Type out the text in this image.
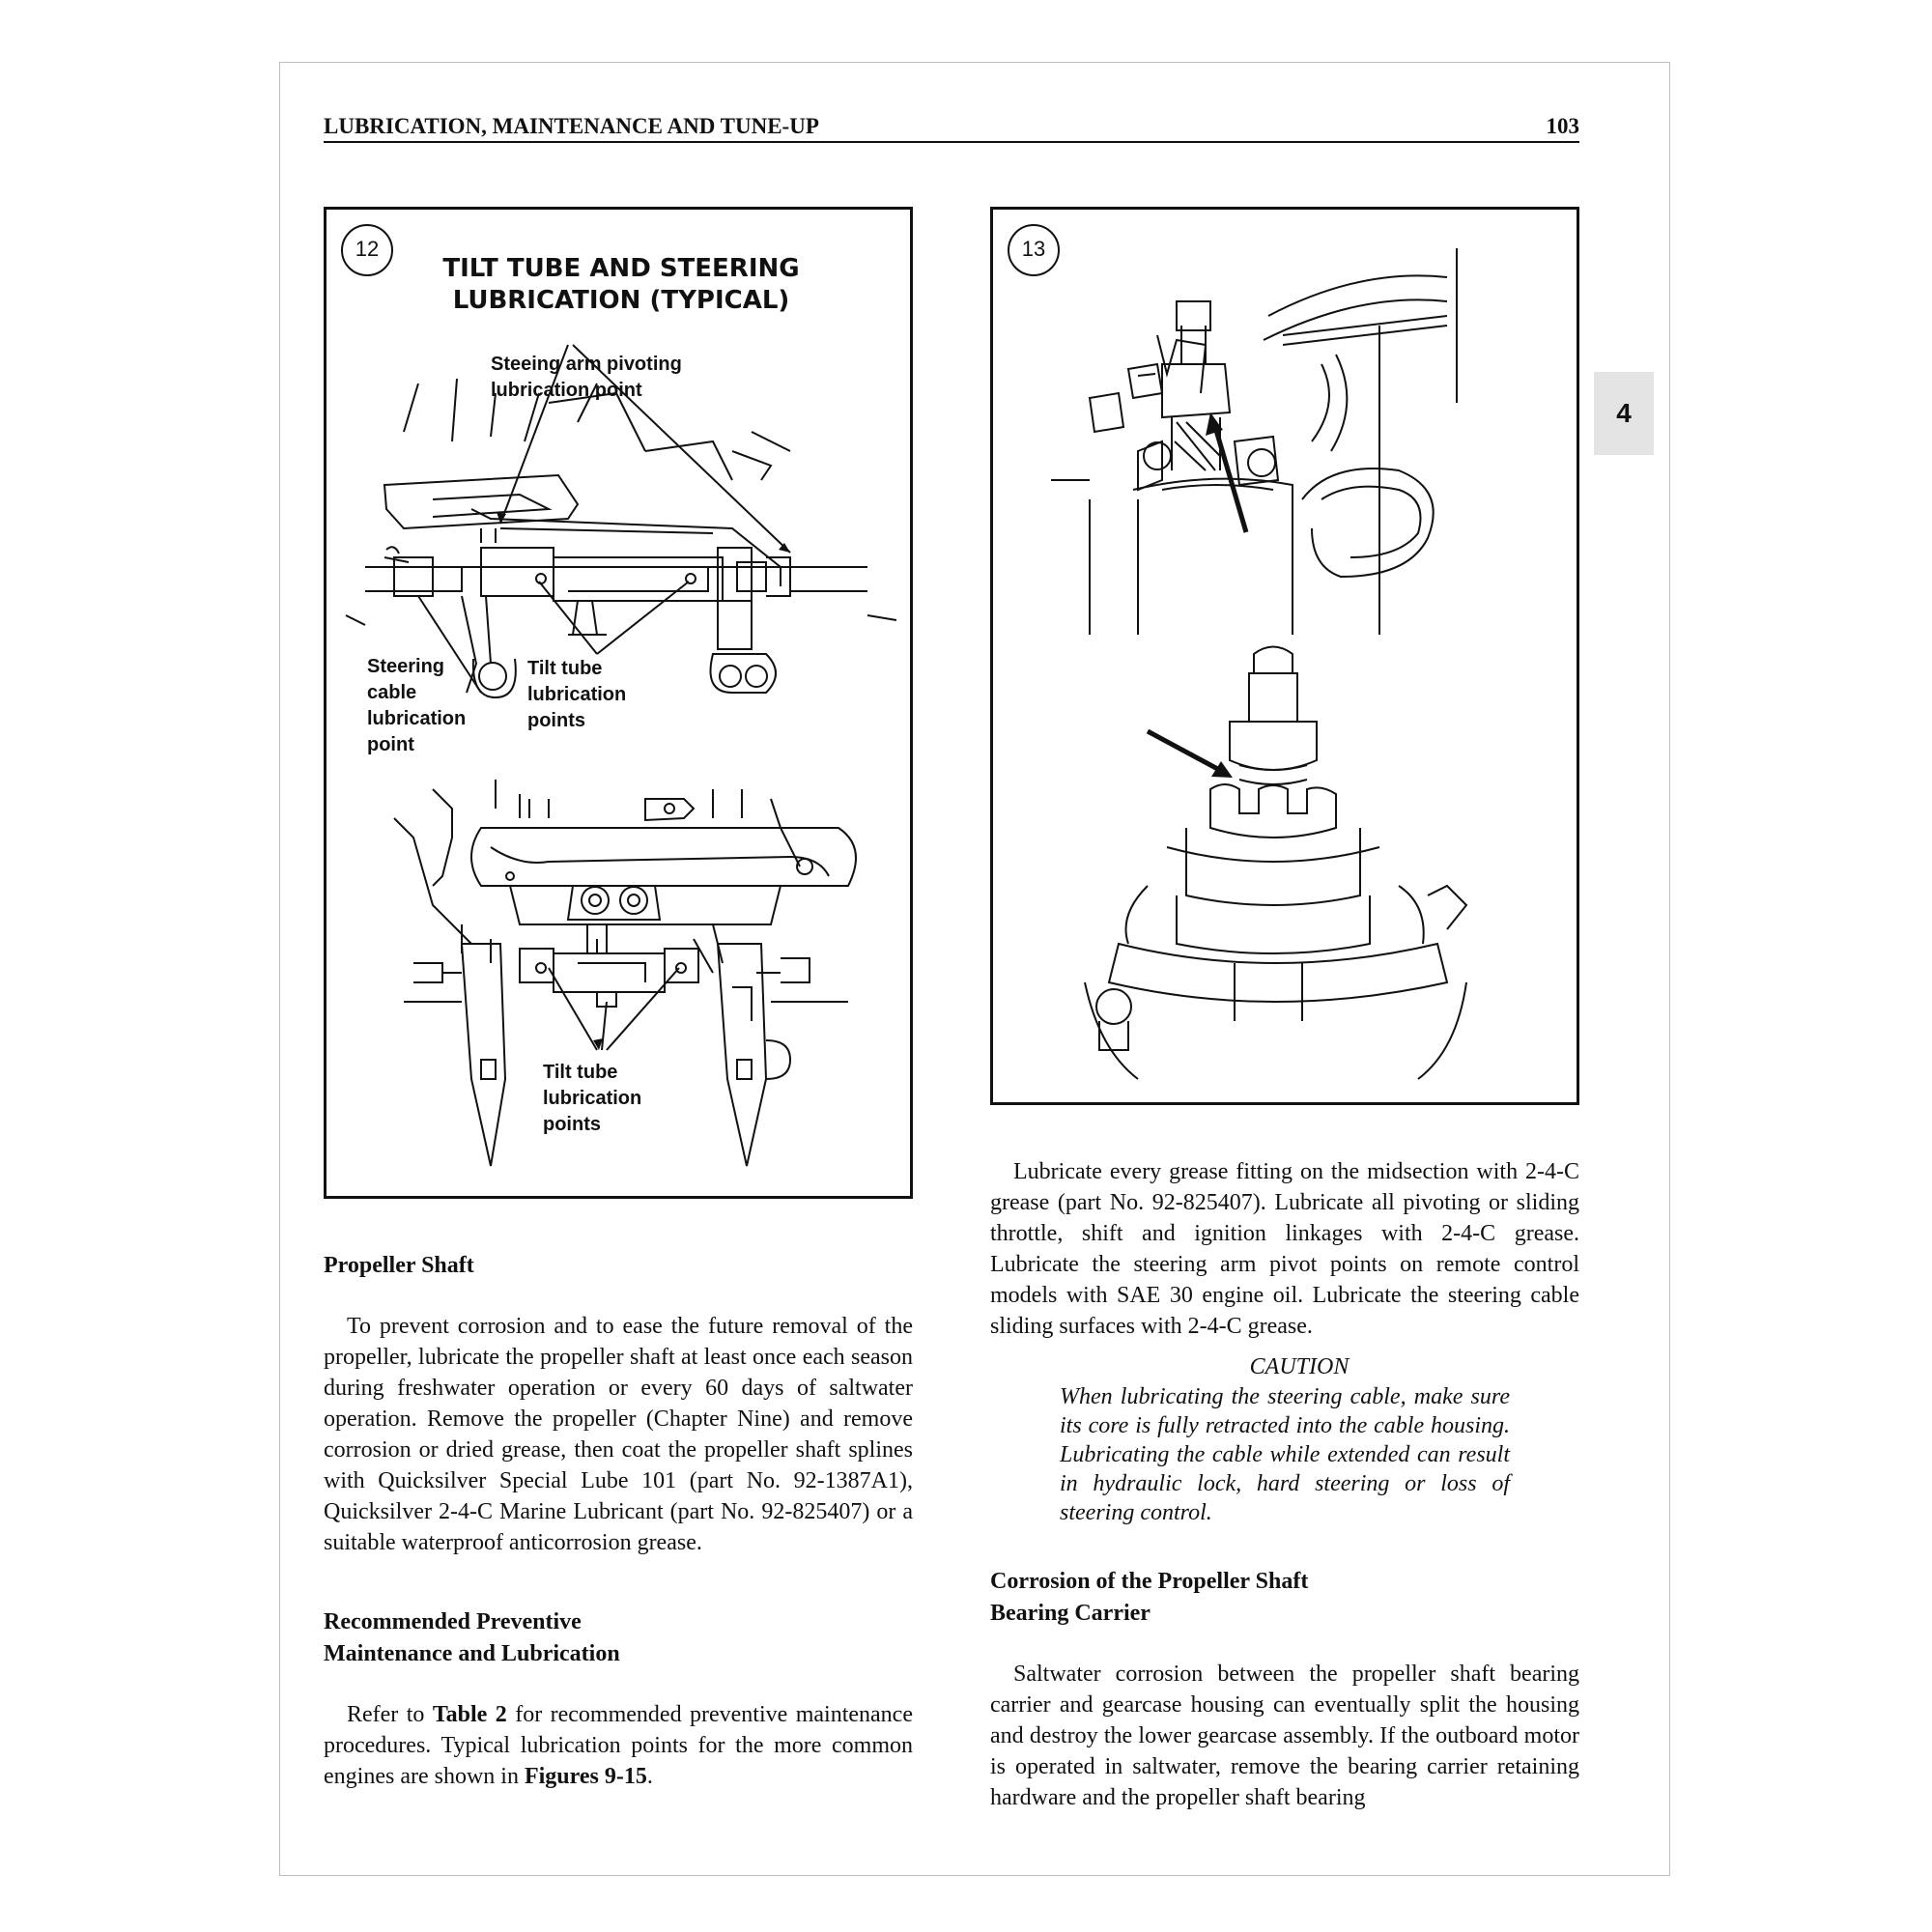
LUBRICATION, MAINTENANCE AND TUNE-UP	103
4
12
TILT TUBE AND STEERING
LUBRICATION (TYPICAL)
Steeing arm pivoting
lubrication point
Steering
cable
lubrication
point
Tilt tube
lubrication
points
Tilt tube
lubrication
points
13
Propeller Shaft

To prevent corrosion and to ease the future removal of the propeller, lubricate the propeller shaft at least once each season during freshwater operation or every 60 days of saltwater operation. Remove the propeller (Chapter Nine) and remove corrosion or dried grease, then coat the propeller shaft splines with Quicksilver Special Lube 101 (part No. 92-1387A1), Quicksilver 2-4-C Marine Lubricant (part No. 92-825407) or a suitable waterproof anticorrosion grease.

Recommended Preventive
Maintenance and Lubrication

Refer to Table 2 for recommended preventive maintenance procedures. Typical lubrication points for the more common engines are shown in Figures 9-15.

Lubricate every grease fitting on the midsection with 2-4-C grease (part No. 92-825407). Lubricate all pivoting or sliding throttle, shift and ignition linkages with 2-4-C grease. Lubricate the steering arm pivot points on remote control models with SAE 30 engine oil. Lubricate the steering cable sliding surfaces with 2-4-C grease.

CAUTION

When lubricating the steering cable, make sure its core is fully retracted into the cable housing. Lubricating the cable while extended can result in hydraulic lock, hard steering or loss of steering control.

Corrosion of the Propeller Shaft
Bearing Carrier

Saltwater corrosion between the propeller shaft bearing carrier and gearcase housing can eventually split the housing and destroy the lower gearcase assembly. If the outboard motor is operated in saltwater, remove the bearing carrier retaining hardware and the propeller shaft bearing
